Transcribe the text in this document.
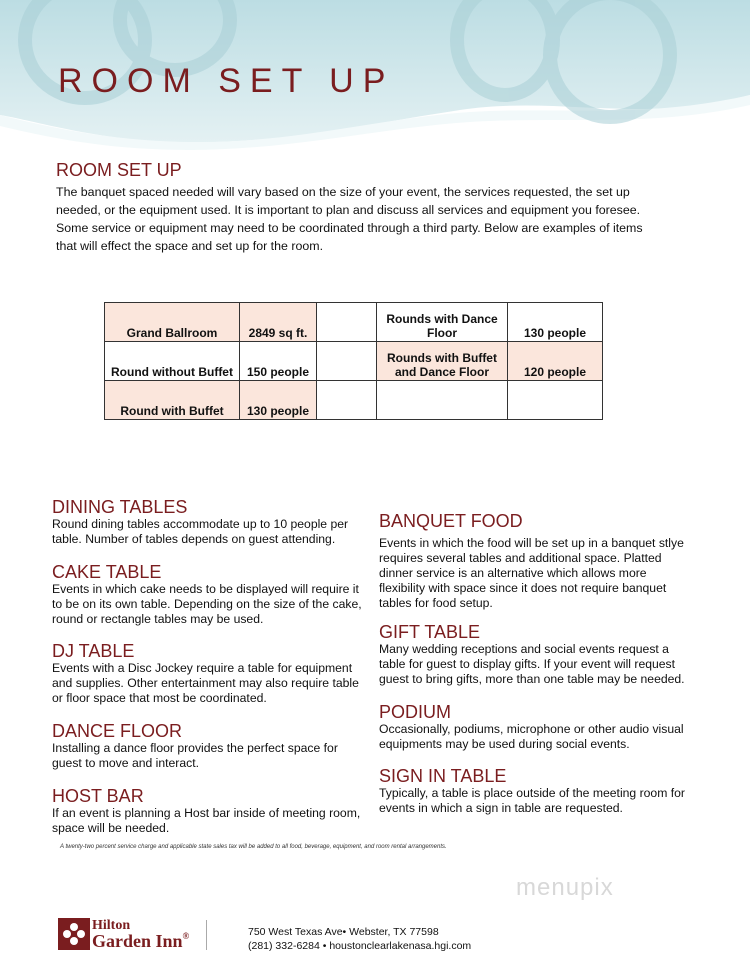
ROOM SET UP
ROOM SET UP
The banquet spaced needed will vary based on the size of your event, the services requested, the set up needed, or the equipment used. It is important to plan and discuss all services and equipment you foresee. Some service or equipment may need to be coordinated through a third party. Below are examples of items that will effect the space and set up for the room.
Grand Ballroom	2849 sq ft.		Rounds with Dance Floor	130 people
Round without Buffet	150 people		Rounds with Buffet and Dance Floor	120 people
Round with Buffet	130 people			
DINING TABLES

Round dining tables accommodate up to 10 people per table. Number of tables depends on guest attending.

CAKE TABLE

Events in which cake needs to be displayed will require it to be on its own table. Depending on the size of the cake, round or rectangle tables may be used.

DJ TABLE

Events with a Disc Jockey require a table for equipment and supplies. Other entertainment may also require table or floor space that most be coordinated.

DANCE FLOOR

Installing a dance floor provides the perfect space for guest to move and interact.

HOST BAR

If an event is planning a Host bar inside of meeting room, space will be needed.

BANQUET FOOD

Events in which the food will be set up in a banquet stlye requires several tables and additional space. Platted dinner service is an alternative which allows more flexibility with space since it does not require banquet tables for food setup.

GIFT TABLE

Many wedding receptions and social events request a table for guest to display gifts. If your event will request guest to bring gifts, more than one table may be needed.

PODIUM

Occasionally, podiums, microphone or other audio visual equipments may be used during social events.

SIGN IN TABLE

Typically, a table is place outside of the meeting room for events in which a sign in table are requested.

A twenty-two percent service charge and applicable state sales tax will be added to all food, beverage, equipment, and room rental arrangements.
menupix
Hilton
Garden Inn®	750 West Texas Ave• Webster, TX 77598
(281) 332-6284 • houstonclearlakenasa.hgi.com
